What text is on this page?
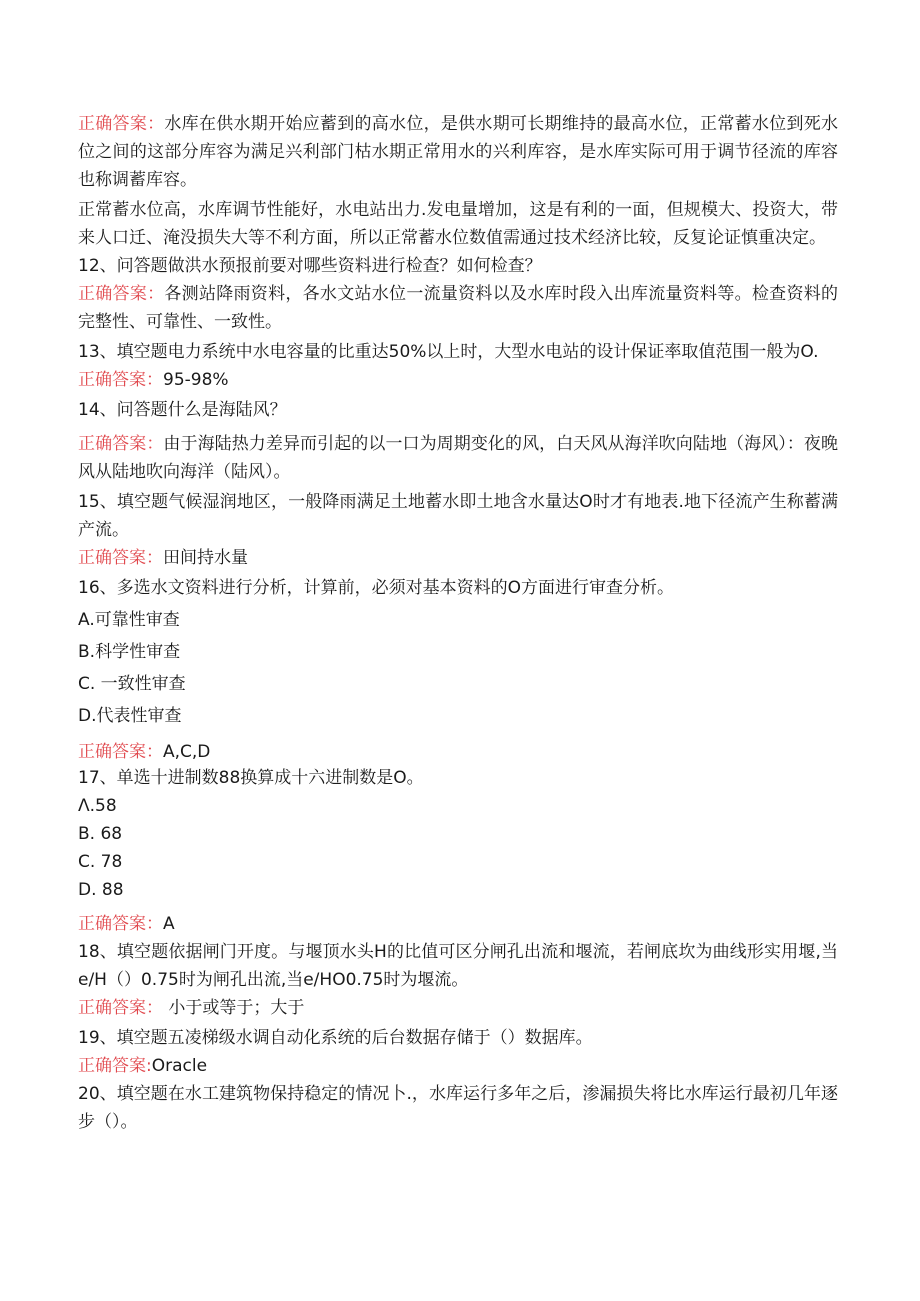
正确答案：水库在供水期开始应蓄到的高水位，是供水期可长期维持的最高水位，正常蓄水位到死水位之间的这部分库容为满足兴利部门枯水期正常用水的兴利库容，是水库实际可用于调节径流的库容也称调蓄库容。

正常蓄水位高，水库调节性能好，水电站出力.发电量增加，这是有利的一面，但规模大、投资大，带来人口迁、淹没损失大等不利方面，所以正常蓄水位数值需通过技术经济比较，反复论证慎重决定。

12、问答题做洪水预报前要对哪些资料进行检查？如何检查？

正确答案：各测站降雨资料，各水文站水位一流量资料以及水库时段入出库流量资料等。检查资料的完整性、可靠性、一致性。

13、填空题电力系统中水电容量的比重达50%以上时，大型水电站的设计保证率取值范围一般为O.

正确答案：95-98%

14、问答题什么是海陆风？

正确答案：由于海陆热力差异而引起的以一口为周期变化的风，白天风从海洋吹向陆地（海风）：夜晚风从陆地吹向海洋（陆风）。

15、填空题气候湿润地区，一般降雨满足土地蓄水即土地含水量达O时才有地表.地下径流产生称蓄满产流。

正确答案：田间持水量

16、多选水文资料进行分析，计算前，必须对基本资料的O方面进行审查分析。

A.可靠性审查

B.科学性审查

C. 一致性审查

D.代表性审查

正确答案：A,C,D

17、单选十进制数88换算成十六进制数是O。

Λ.58

B. 68

C. 78

D. 88

正确答案：A

18、填空题依据闸门开度。与堰顶水头H的比值可区分闸孔出流和堰流，若闸底坎为曲线形实用堰,当e/H（）0.75时为闸孔出流,当e/HO0.75时为堰流。

正确答案： 小于或等于；大于

19、填空题五凌梯级水调自动化系统的后台数据存储于（）数据库。

正确答案:Oracle

20、填空题在水工建筑物保持稳定的情况卜.，水库运行多年之后，渗漏损失将比水库运行最初几年逐步（）。
